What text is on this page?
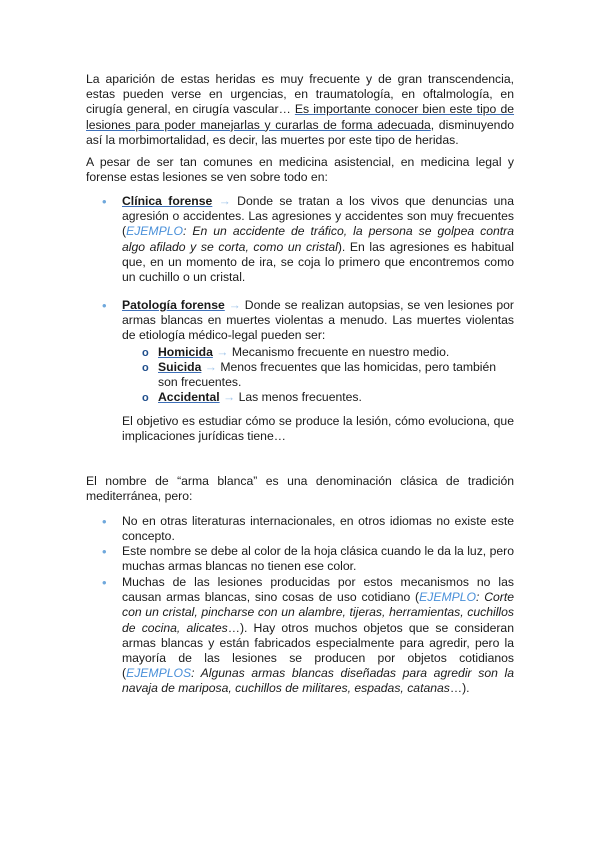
La aparición de estas heridas es muy frecuente y de gran transcendencia, estas pueden verse en urgencias, en traumatología, en oftalmología, en cirugía general, en cirugía vascular… Es importante conocer bien este tipo de lesiones para poder manejarlas y curarlas de forma adecuada, disminuyendo así la morbimortalidad, es decir, las muertes por este tipo de heridas.

A pesar de ser tan comunes en medicina asistencial, en medicina legal y forense estas lesiones se ven sobre todo en:

• Clínica forense → Donde se tratan a los vivos que denuncias una agresión o accidentes. Las agresiones y accidentes son muy frecuentes (EJEMPLO: En un accidente de tráfico, la persona se golpea contra algo afilado y se corta, como un cristal). En las agresiones es habitual que, en un momento de ira, se coja lo primero que encontremos como un cuchillo o un cristal.

• Patología forense → Donde se realizan autopsias, se ven lesiones por armas blancas en muertes violentas a menudo. Las muertes violentas de etiología médico-legal pueden ser:

o Homicida → Mecanismo frecuente en nuestro medio.

o Suicida → Menos frecuentes que las homicidas, pero también son frecuentes.

o Accidental → Las menos frecuentes.

El objetivo es estudiar cómo se produce la lesión, cómo evoluciona, que implicaciones jurídicas tiene…

El nombre de “arma blanca” es una denominación clásica de tradición mediterránea, pero:

• No en otras literaturas internacionales, en otros idiomas no existe este concepto.

• Este nombre se debe al color de la hoja clásica cuando le da la luz, pero muchas armas blancas no tienen ese color.

• Muchas de las lesiones producidas por estos mecanismos no las causan armas blancas, sino cosas de uso cotidiano (EJEMPLO: Corte con un cristal, pincharse con un alambre, tijeras, herramientas, cuchillos de cocina, alicates…). Hay otros muchos objetos que se consideran armas blancas y están fabricados especialmente para agredir, pero la mayoría de las lesiones se producen por objetos cotidianos (EJEMPLOS: Algunas armas blancas diseñadas para agredir son la navaja de mariposa, cuchillos de militares, espadas, catanas…).
